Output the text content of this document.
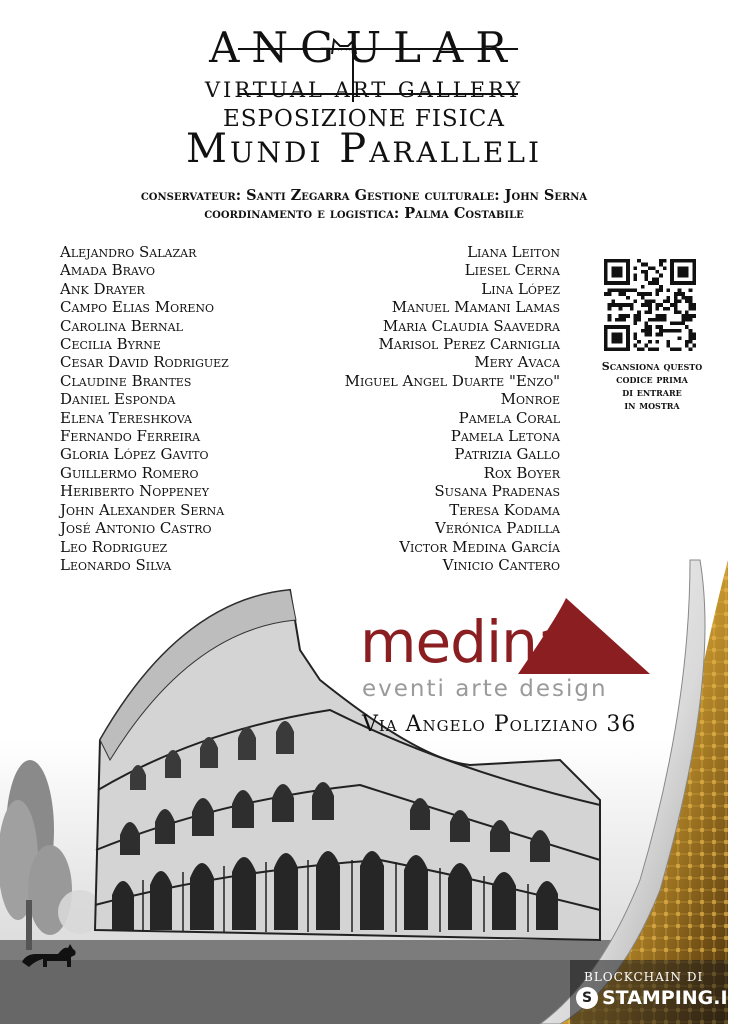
ANGULAR
VIRTUAL ART GALLERY
ESPOSIZIONE FISICA
Mundi Paralleli
conservateur: Santi Zegarra Gestione culturale: John Serna
coordinamento e logistica: Palma Costabile
Alejandro Salazar
Amada Bravo
Ank Drayer
Campo Elias Moreno
Carolina Bernal
Cecilia Byrne
Cesar David Rodriguez
Claudine Brantes
Daniel Esponda
Elena Tereshkova
Fernando Ferreira
Gloria López Gavito
Guillermo Romero
Heriberto Noppeney
John Alexander Serna
José Antonio Castro
Leo Rodriguez
Leonardo Silva
Liana Leiton
Liesel Cerna
Lina López
Manuel Mamani Lamas
Maria Claudia Saavedra
Marisol Perez Carniglia
Mery Avaca
Miguel Angel Duarte "Enzo"
Monroe
Pamela Coral
Pamela Letona
Patrizia Gallo
Rox Boyer
Susana Pradenas
Teresa Kodama
Verónica Padilla
Victor Medina García
Vinicio Cantero
Scansiona questo
codice prima
di entrare
in mostra
medina
eventi arte design
Via Angelo Poliziano 36
BLOCKCHAIN DI
S STAMPING.IO
